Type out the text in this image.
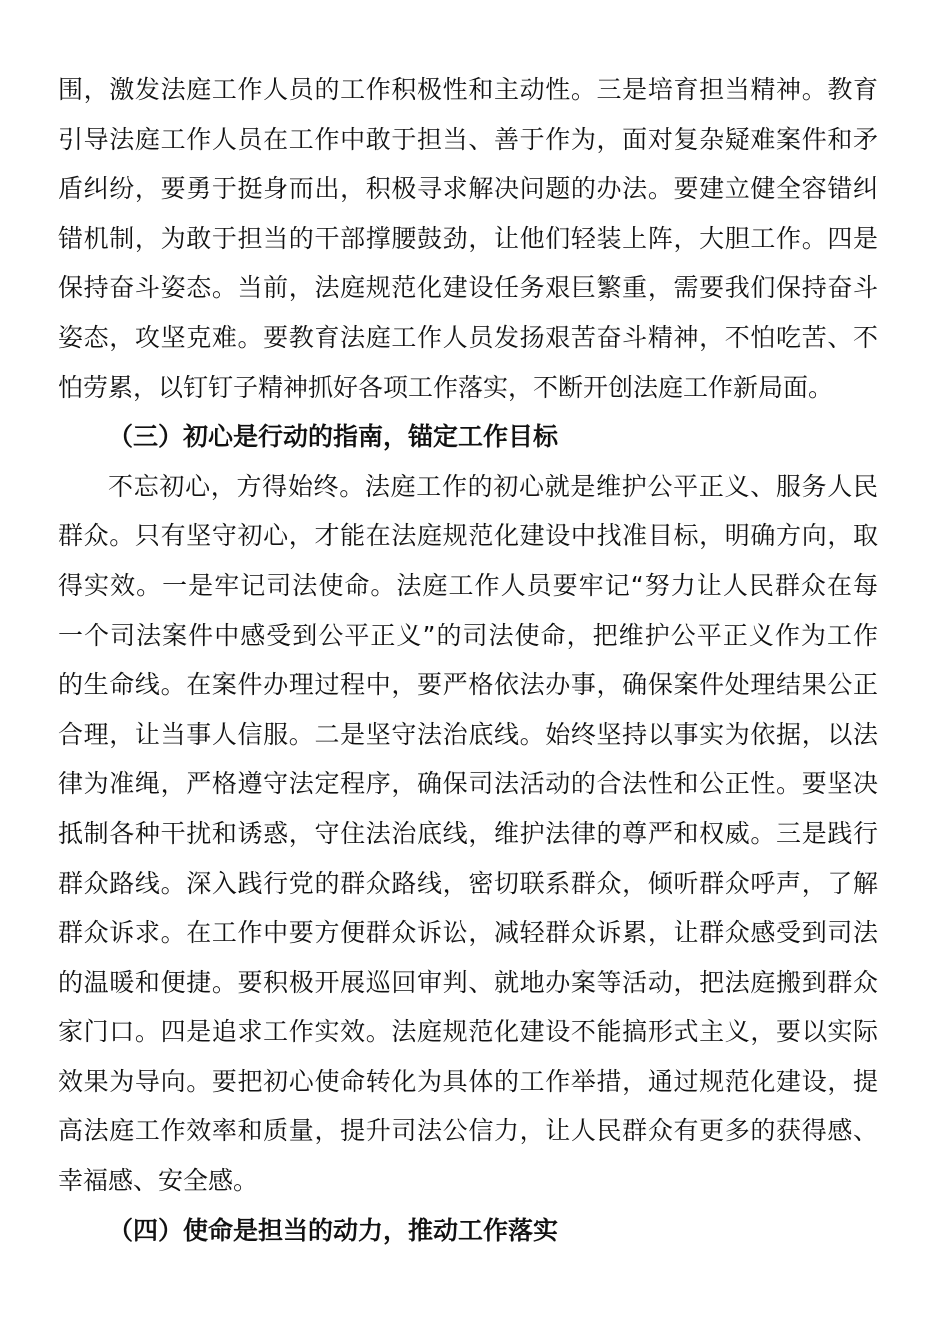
围，激发法庭工作人员的工作积极性和主动性。三是培育担当精神。教育
引导法庭工作人员在工作中敢于担当、善于作为，面对复杂疑难案件和矛
盾纠纷，要勇于挺身而出，积极寻求解决问题的办法。要建立健全容错纠
错机制，为敢于担当的干部撑腰鼓劲，让他们轻装上阵，大胆工作。四是
保持奋斗姿态。当前，法庭规范化建设任务艰巨繁重，需要我们保持奋斗
姿态，攻坚克难。要教育法庭工作人员发扬艰苦奋斗精神，不怕吃苦、不
怕劳累，以钉钉子精神抓好各项工作落实，不断开创法庭工作新局面。
（三）初心是行动的指南，锚定工作目标
不忘初心，方得始终。法庭工作的初心就是维护公平正义、服务人民
群众。只有坚守初心，才能在法庭规范化建设中找准目标，明确方向，取
得实效。一是牢记司法使命。法庭工作人员要牢记“努力让人民群众在每
一个司法案件中感受到公平正义”的司法使命，把维护公平正义作为工作
的生命线。在案件办理过程中，要严格依法办事，确保案件处理结果公正
合理，让当事人信服。二是坚守法治底线。始终坚持以事实为依据，以法
律为准绳，严格遵守法定程序，确保司法活动的合法性和公正性。要坚决
抵制各种干扰和诱惑，守住法治底线，维护法律的尊严和权威。三是践行
群众路线。深入践行党的群众路线，密切联系群众，倾听群众呼声，了解
群众诉求。在工作中要方便群众诉讼，减轻群众诉累，让群众感受到司法
的温暖和便捷。要积极开展巡回审判、就地办案等活动，把法庭搬到群众
家门口。四是追求工作实效。法庭规范化建设不能搞形式主义，要以实际
效果为导向。要把初心使命转化为具体的工作举措，通过规范化建设，提
高法庭工作效率和质量，提升司法公信力，让人民群众有更多的获得感、
幸福感、安全感。
（四）使命是担当的动力，推动工作落实
